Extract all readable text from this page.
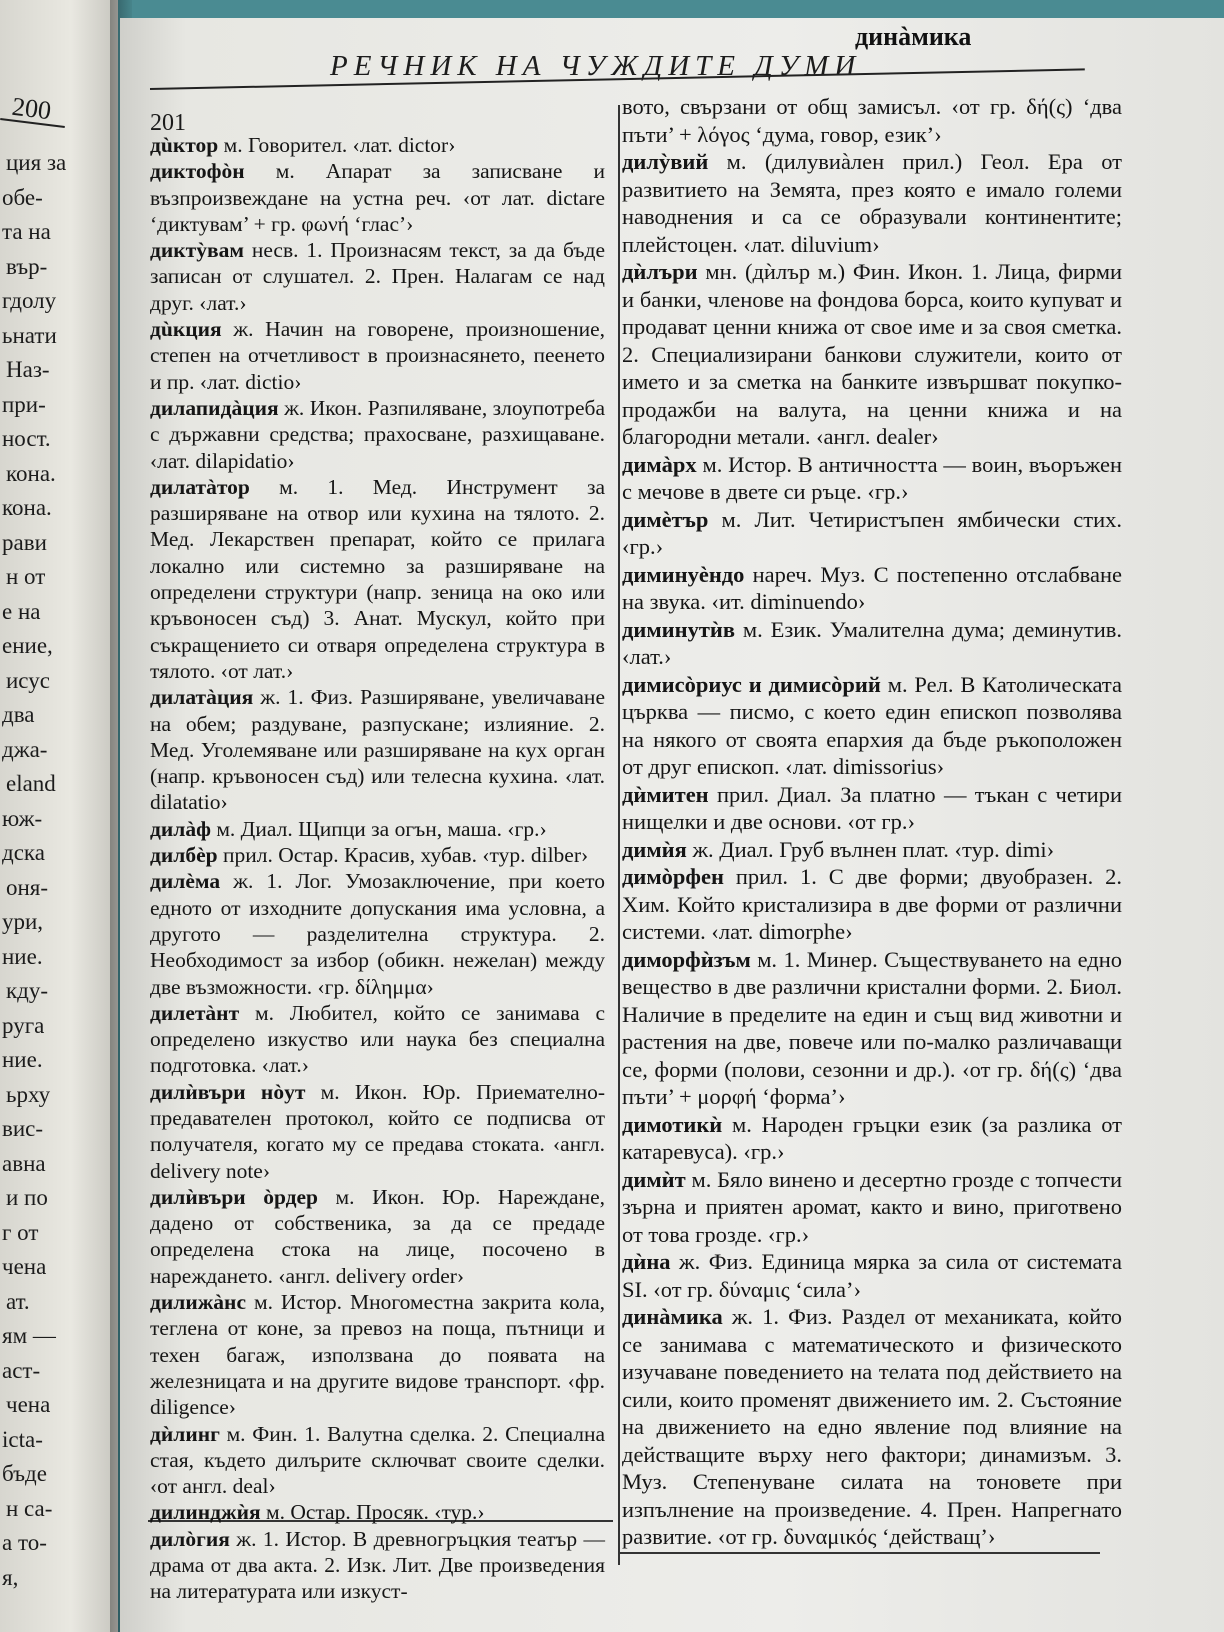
200
ция за
обе-
та на
вър-
гдолу
ьнати
Наз-
при-
ност.
кона.
кона.
рави
н от
е на
ение,
исус
два
джа-
eland
юж-
дска
оня-
ури,
ние.
кду-
руга
ние.
ьрху
вис-
авна
и по
г от
чена
ат.
ям —
аст-
чена
icta-
бъде
н са-
а то-
я,
РЕЧНИК НА ЧУЖДИТЕ ДУМИ
динàмика
201

дùктор м. Говорител. ‹лат. dictor›

диктофòн м. Апарат за записване и възпроизвеждане на устна реч. ‹от лат. dictare ‘диктувам’ + гр. φωνή ‘глас’›

диктỳвам несв. 1. Произнасям текст, за да бъде записан от слушател. 2. Прен. Налагам се над друг. ‹лат.›

дùкция ж. Начин на говорене, произношение, степен на отчетливост в произнасянето, пеенето и пр. ‹лат. dictio›

дилапидàция ж. Икон. Разпиляване, злоупотреба с държавни средства; прахосване, разхищаване. ‹лат. dilapidatio›

дилатàтор м. 1. Мед. Инструмент за разширяване на отвор или кухина на тялото. 2. Мед. Лекарствен препарат, който се прилага локално или системно за разширяване на определени структури (напр. зеница на око или кръвоносен съд) 3. Анат. Мускул, който при съкращението си отваря определена структура в тялото. ‹от лат.›

дилатàция ж. 1. Физ. Разширяване, увеличаване на обем; раздуване, разпускане; излияние. 2. Мед. Уголемяване или разширяване на кух орган (напр. кръвоносен съд) или телесна кухина. ‹лат. dilatatio›

дилàф м. Диал. Щипци за огън, маша. ‹гр.›

дилбèр прил. Остар. Красив, хубав. ‹тур. dilber›

дилèма ж. 1. Лог. Умозаключение, при което едното от изходните допускания има условна, а другото — разделителна структура. 2. Необходимост за избор (обикн. нежелан) между две възможности. ‹гр. δίλημμα›

дилетàнт м. Любител, който се занимава с определено изкуство или наука без специална подготовка. ‹лат.›

дилѝвъри нòут м. Икон. Юр. Приемателно-предавателен протокол, който се подписва от получателя, когато му се предава стоката. ‹англ. delivery note›

дилѝвъри òрдер м. Икон. Юр. Нареждане, дадено от собственика, за да се предаде определена стока на лице, посочено в нареждането. ‹англ. delivery order›

дилижàнс м. Истор. Многоместна закрита кола, теглена от коне, за превоз на поща, пътници и техен багаж, използвана до появата на железницата и на другите видове транспорт. ‹фр. diligence›

дѝлинг м. Фин. 1. Валутна сделка. 2. Специална стая, където дилърите сключват своите сделки. ‹от англ. deal›

дилинджѝя м. Остар. Просяк. ‹тур.›

дилòгия ж. 1. Истор. В древногръцкия театър — драма от два акта. 2. Изк. Лит. Две произведения на литературата или изкуст-

вото, свързани от общ замисъл. ‹от гр. δή(ς) ‘два пъти’ + λόγος ‘дума, говор, език’›

дилỳвий м. (дилувиàлен прил.) Геол. Ера от развитието на Земята, през която е имало големи наводнения и са се образували континентите; плейстоцен. ‹лат. diluvium›

дѝлъри мн. (дѝлър м.) Фин. Икон. 1. Лица, фирми и банки, членове на фондова борса, които купуват и продават ценни книжа от свое име и за своя сметка. 2. Специализирани банкови служители, които от името и за сметка на банките извършват покупко-продажби на валута, на ценни книжа и на благородни метали. ‹англ. dealer›

димàрх м. Истор. В античността — воин, въоръжен с мечове в двете си ръце. ‹гр.›

димèтър м. Лит. Четиристъпен ямбически стих. ‹гр.›

диминуèндо нареч. Муз. С постепенно отслабване на звука. ‹ит. diminuendo›

диминутѝв м. Език. Умалителна дума; деминутив. ‹лат.›

димисòриус и димисòрий м. Рел. В Католическата църква — писмо, с което един епископ позволява на някого от своята епархия да бъде ръкоположен от друг епископ. ‹лат. dimissorius›

дѝмитен прил. Диал. За платно — тъкан с четири нищелки и две основи. ‹от гр.›

димѝя ж. Диал. Груб вълнен плат. ‹тур. dimi›

димòрфен прил. 1. С две форми; двуобразен. 2. Хим. Който кристализира в две форми от различни системи. ‹лат. dimorphe›

диморфѝзъм м. 1. Минер. Съществуването на едно вещество в две различни кристални форми. 2. Биол. Наличие в пределите на един и същ вид животни и растения на две, повече или по-малко различаващи се, форми (полови, сезонни и др.). ‹от гр. δή(ς) ‘два пъти’ + μορφή ‘форма’›

димотикѝ м. Народен гръцки език (за разлика от катаревуса). ‹гр.›

димѝт м. Бяло винено и десертно грозде с топчести зърна и приятен аромат, както и вино, приготвено от това грозде. ‹гр.›

дѝна ж. Физ. Единица мярка за сила от системата SI. ‹от гр. δύναμις ‘сила’›

динàмика ж. 1. Физ. Раздел от механиката, който се занимава с математическото и физическото изучаване поведението на телата под действието на сили, които променят движението им. 2. Състояние на движението на едно явление под влияние на действащите върху него фактори; динамизъм. 3. Муз. Степенуване силата на тоновете при изпълнение на произведение. 4. Прен. Напрегнато развитие. ‹от гр. δυναμικός ‘действащ’›
